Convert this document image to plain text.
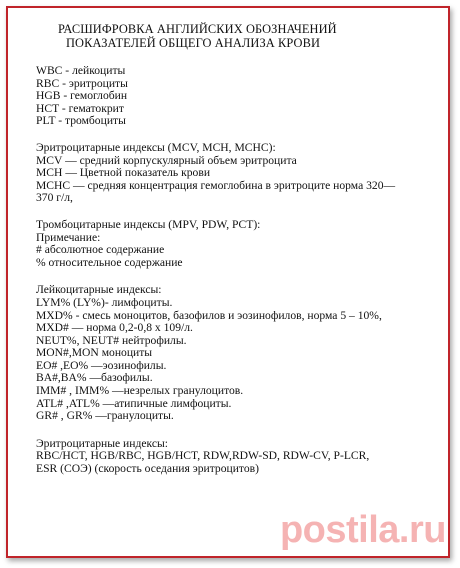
РАСШИФРОВКА АНГЛИЙСКИХ ОБОЗНАЧЕНИЙ
ПОКАЗАТЕЛЕЙ ОБЩЕГО АНАЛИЗА КРОВИ
WBC - лейкоциты
RBC - эритроциты
HGB - гемоглобин
HCT - гематокрит
PLT - тромбоциты
Эритроцитарные индексы (MCV, MCH, MCHC):
MCV — средний корпускулярный объем эритроцита
MCH — Цветной показатель крови
MCHC — средняя концентрация гемоглобина в эритроците норма 320—
370 г/л,
Тромбоцитарные индексы (MPV, PDW, PCT):
Примечание:
# абсолютное содержание
% относительное содержание
Лейкоцитарные индексы:
LYM% (LY%)- лимфоциты.
MXD% - смесь моноцитов, базофилов и эозинофилов, норма 5 – 10%,
MXD# — норма 0,2-0,8 х 109/л.
NEUT%, NEUT# нейтрофилы.
MON#,MON моноциты
EO# ,EO% —эозинофилы.
BA#,BA% —базофилы.
IMM# , IMM% —незрелых гранулоцитов.
ATL# ,ATL% —атипичные лимфоциты.
GR# , GR% —гранулоциты.
Эритроцитарные индексы:
RBC/HCT, HGB/RBC, HGB/HCT, RDW,RDW-SD, RDW-CV, P-LCR,
ESR (СОЭ) (скорость оседания эритроцитов)
postila.ru
